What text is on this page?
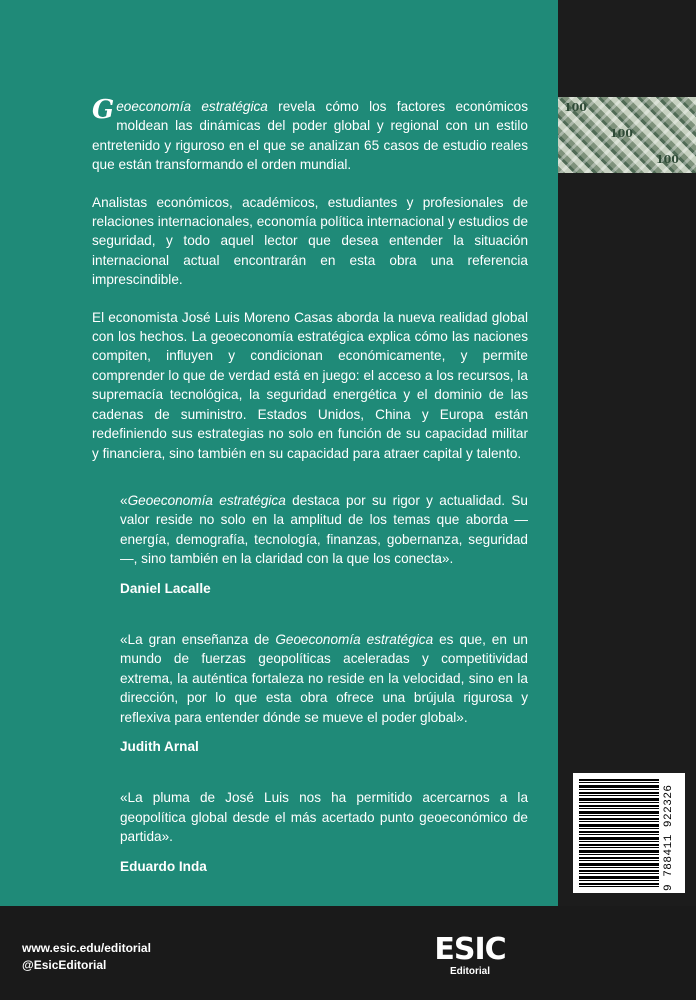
100
100
100

Geoeconomía estratégica revela cómo los factores económicos moldean las dinámicas del poder global y regional con un estilo entretenido y riguroso en el que se analizan 65 casos de estudio reales que están transformando el orden mundial.

Analistas económicos, académicos, estudiantes y profesionales de relaciones internacionales, economía política internacional y estudios de seguridad, y todo aquel lector que desea entender la situación internacional actual encontrarán en esta obra una referencia imprescindible.

El economista José Luis Moreno Casas aborda la nueva realidad global con los hechos. La geoeconomía estratégica explica cómo las naciones compiten, influyen y condicionan económicamente, y permite comprender lo que de verdad está en juego: el acceso a los recursos, la supremacía tecnológica, la seguridad energética y el dominio de las cadenas de suministro. Estados Unidos, China y Europa están redefiniendo sus estrategias no solo en función de su capacidad militar y financiera, sino también en su capacidad para atraer capital y talento.

«Geoeconomía estratégica destaca por su rigor y actualidad. Su valor reside no solo en la amplitud de los temas que aborda —energía, demografía, tecnología, finanzas, gobernanza, seguridad—, sino también en la claridad con la que los conecta».

Daniel Lacalle

«La gran enseñanza de Geoeconomía estratégica es que, en un mundo de fuerzas geopolíticas aceleradas y competitividad extrema, la auténtica fortaleza no reside en la velocidad, sino en la dirección, por lo que esta obra ofrece una brújula rigurosa y reflexiva para entender dónde se mueve el poder global».

Judith Arnal

«La pluma de José Luis nos ha permitido acercarnos a la geopolítica global desde el más acertado punto geoeconómico de partida».

Eduardo Inda	9 788411 922326
www.esic.edu/editorial
@EsicEditorial	ESIC
Editorial
